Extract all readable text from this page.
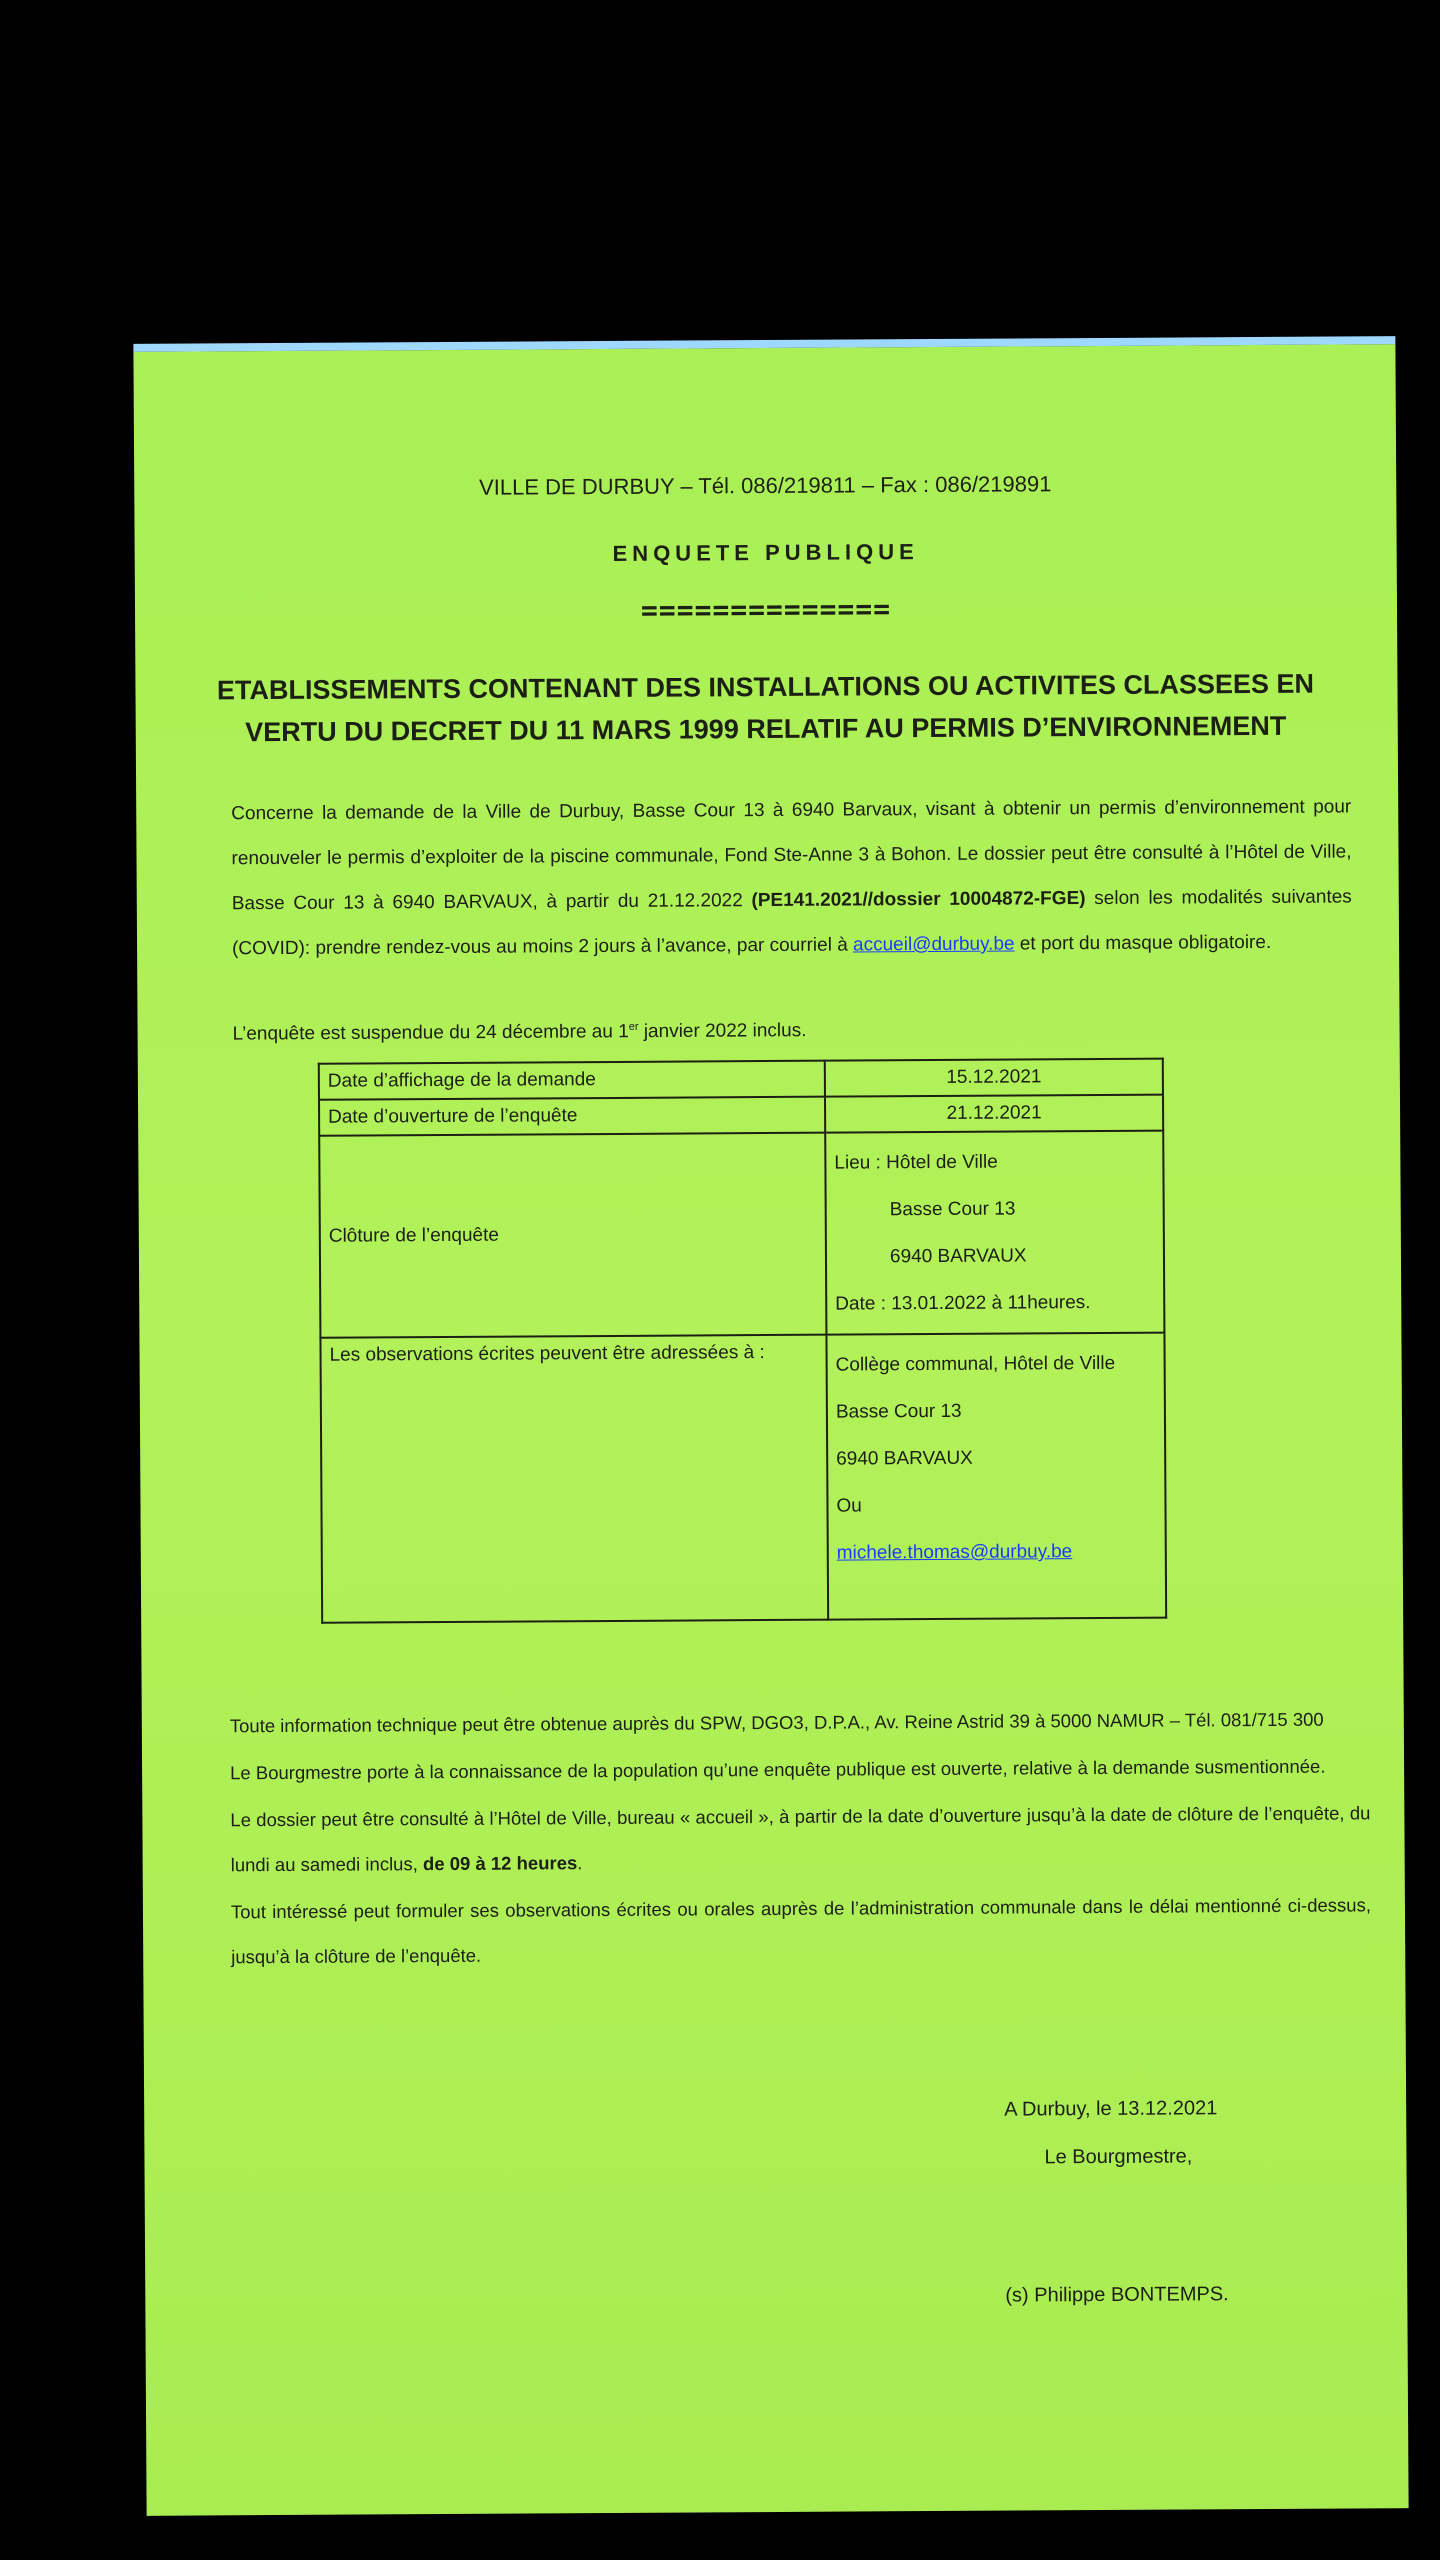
VILLE DE DURBUY – Tél. 086/219811 – Fax : 086/219891
ENQUETE PUBLIQUE
==============
ETABLISSEMENTS CONTENANT DES INSTALLATIONS OU ACTIVITES CLASSEES EN
VERTU DU DECRET DU 11 MARS 1999 RELATIF AU PERMIS D’ENVIRONNEMENT
Concerne la demande de la Ville de Durbuy, Basse Cour 13 à 6940 Barvaux, visant à obtenir un permis d’environnement pour renouveler le permis d’exploiter de la piscine communale, Fond Ste-Anne 3 à Bohon. Le dossier peut être consulté à l’Hôtel de Ville, Basse Cour 13 à 6940 BARVAUX, à partir du 21.12.2022 (PE141.2021//dossier 10004872-FGE) selon les modalités suivantes (COVID): prendre rendez-vous au moins 2 jours à l’avance, par courriel à accueil@durbuy.be et port du masque obligatoire.
L’enquête est suspendue du 24 décembre au 1er janvier 2022 inclus.
Date d’affichage de la demande	15.12.2021
Date d’ouverture de l’enquête	21.12.2021
Clôture de l’enquête	Lieu : Hôtel de Ville
Basse Cour 13
6940 BARVAUX
Date : 13.01.2022 à 11heures.

Les observations écrites peuvent être adressées à :	Collège communal, Hôtel de Ville
Basse Cour 13
6940 BARVAUX
Ou
michele.thomas@durbuy.be

Toute information technique peut être obtenue auprès du SPW, DGO3, D.P.A., Av. Reine Astrid 39 à 5000 NAMUR – Tél. 081/715 300

Le Bourgmestre porte à la connaissance de la population qu’une enquête publique est ouverte, relative à la demande susmentionnée.

Le dossier peut être consulté à l’Hôtel de Ville, bureau « accueil », à partir de la date d’ouverture jusqu’à la date de clôture de l’enquête, du lundi au samedi inclus, de 09 à 12 heures.

Tout intéressé peut formuler ses observations écrites ou orales auprès de l’administration communale dans le délai mentionné ci-dessus, jusqu’à la clôture de l’enquête.

A Durbuy, le 13.12.2021
Le Bourgmestre,
(s) Philippe BONTEMPS.
